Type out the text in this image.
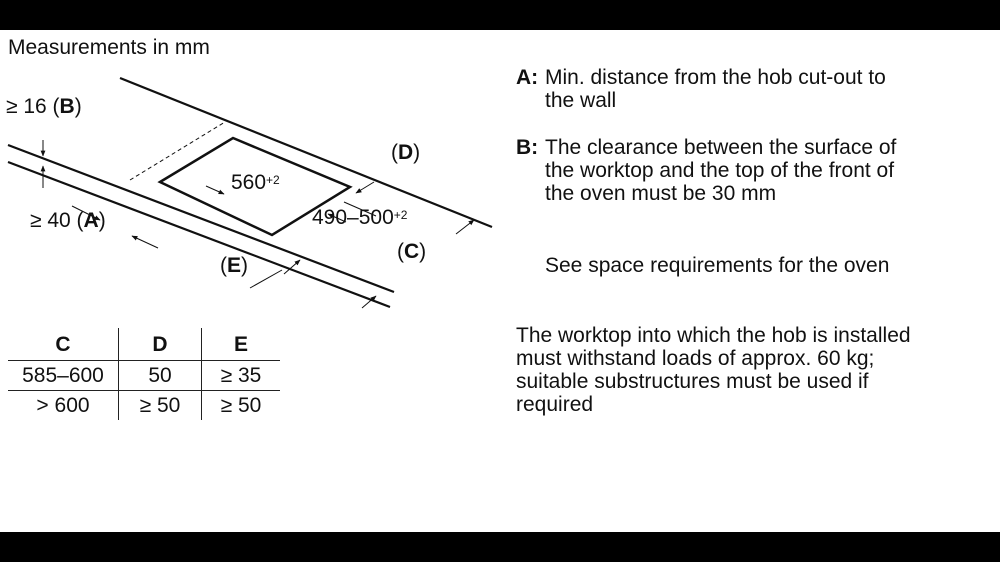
Measurements in mm
≥ 16 (B)
≥ 40 (A)
(D)
(C)
(E)
$560^{+2}$
$490-500^{+2}$
C	D	E
585–600	50	≥ 35
> 600	≥ 50	≥ 50
A: Min. distance from the hob cut-out to
the wall
B: The clearance between the surface of
the worktop and the top of the front of
the oven must be 30 mm
See space requirements for the oven
The worktop into which the hob is installed
must withstand loads of approx. 60 kg;
suitable substructures must be used if
required
